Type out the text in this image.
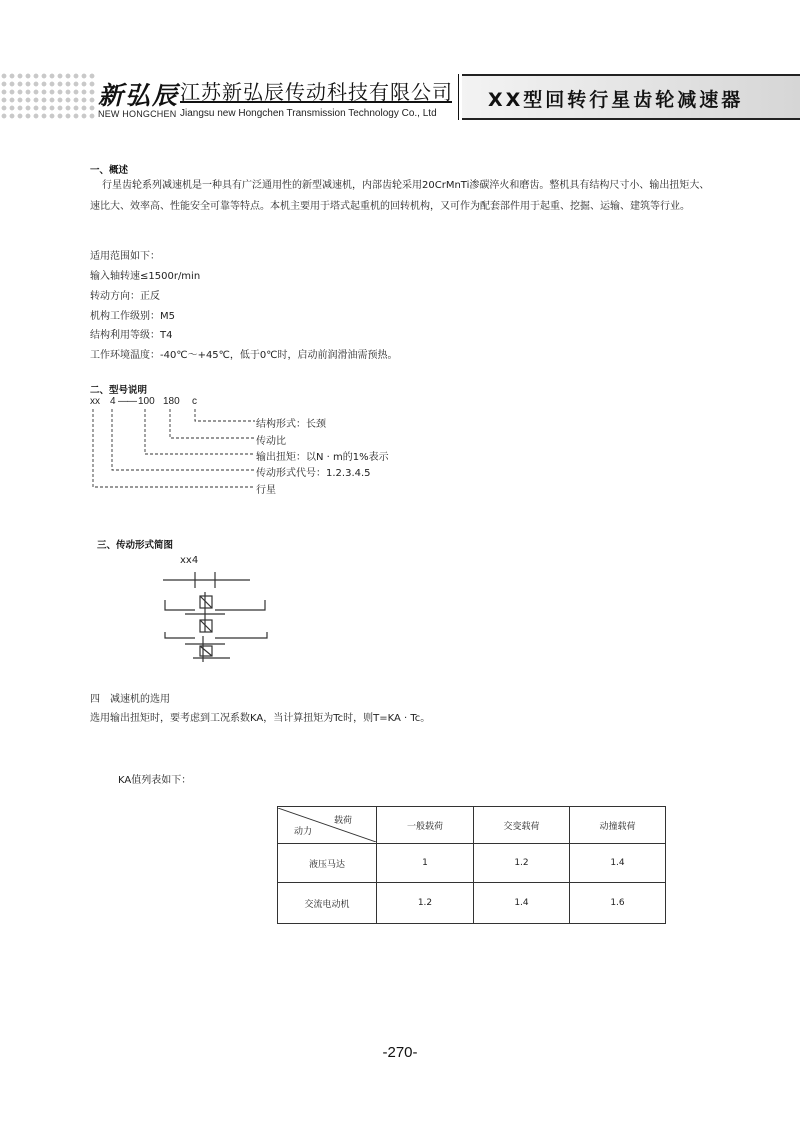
新弘辰
NEW HONGCHEN
江苏新弘辰传动科技有限公司
Jiangsu new Hongchen Transmission Technology Co., Ltd
XX型回转行星齿轮减速器
一、概述
行星齿轮系列减速机是一种具有广泛通用性的新型减速机，内部齿轮采用20CrMnTi渗碳淬火和磨齿。整机具有结构尺寸小、输出扭矩大、速比大、效率高、性能安全可靠等特点。本机主要用于塔式起重机的回转机构，又可作为配套部件用于起重、挖掘、运输、建筑等行业。
适用范围如下：
输入轴转速≤1500r/min
转动方向：正反
机构工作级别：M5
结构利用等级：T4
工作环境温度：-40℃～+45℃，低于0℃时，启动前润滑油需预热。
二、型号说明
xx 4 —— 100 180 c
结构形式：长颈
传动比
输出扭矩：以N · m的1%表示
传动形式代号：1.2.3.4.5
行星
三、传动形式简图
xx4
四　减速机的选用
选用输出扭矩时，要考虑到工况系数KA，当计算扭矩为Tc时，则T=KA · Tc。
KA值列表如下：
载荷
动力	一般载荷	交变载荷	动撞载荷
液压马达	1	1.2	1.4
交流电动机	1.2	1.4	1.6
-270-
